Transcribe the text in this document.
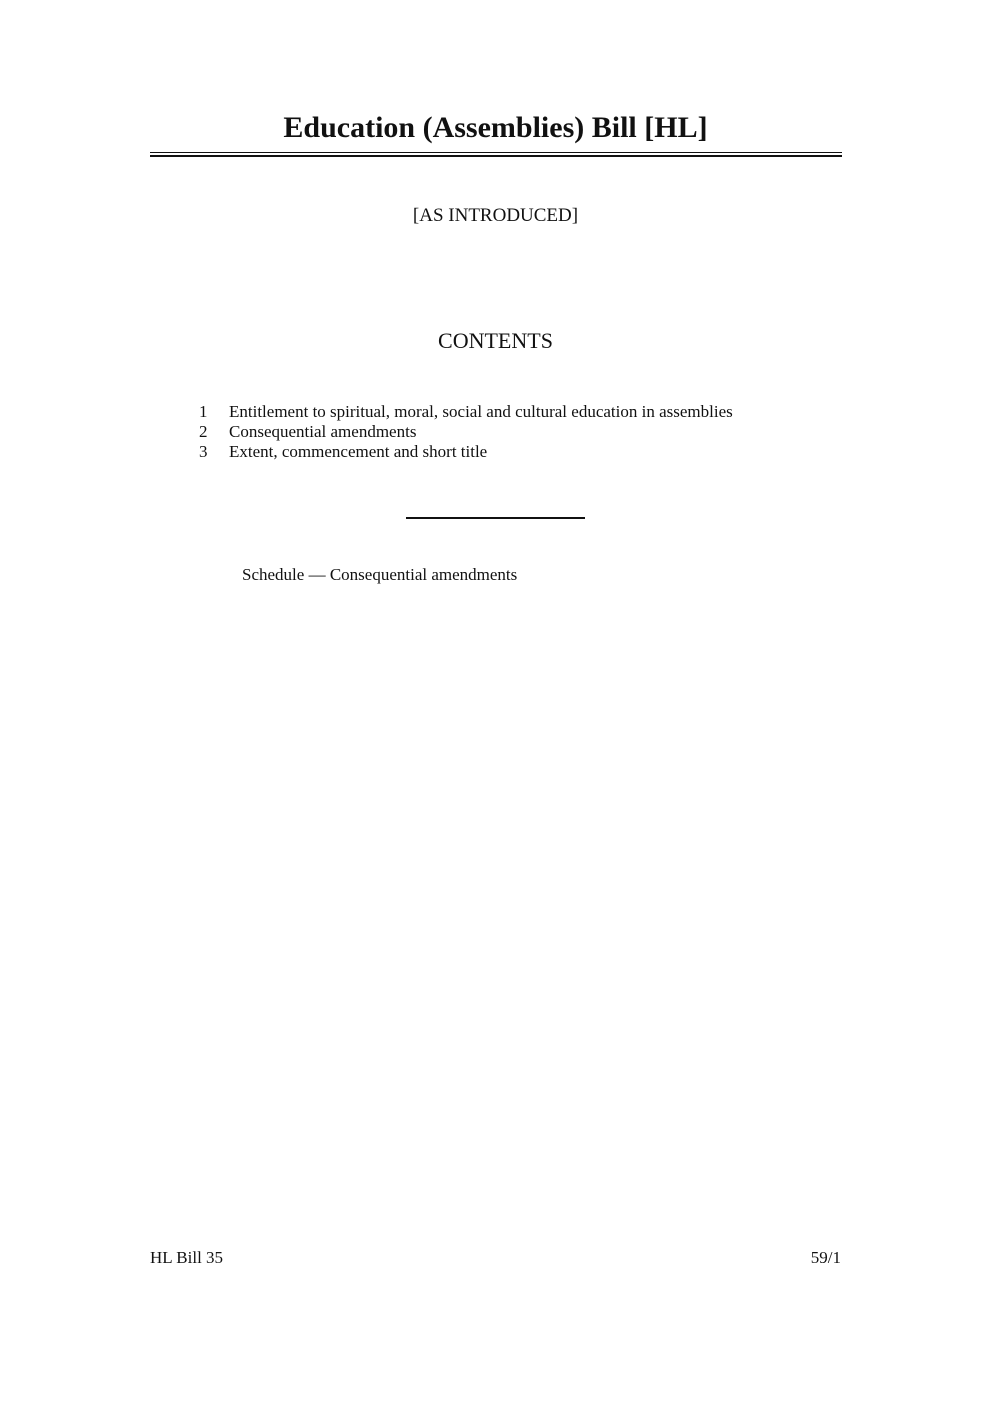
Education (Assemblies) Bill [HL]
[AS INTRODUCED]
CONTENTS
1 Entitlement to spiritual, moral, social and cultural education in assemblies
2 Consequential amendments
3 Extent, commencement and short title
Schedule — Consequential amendments
HL Bill 35	59/1
